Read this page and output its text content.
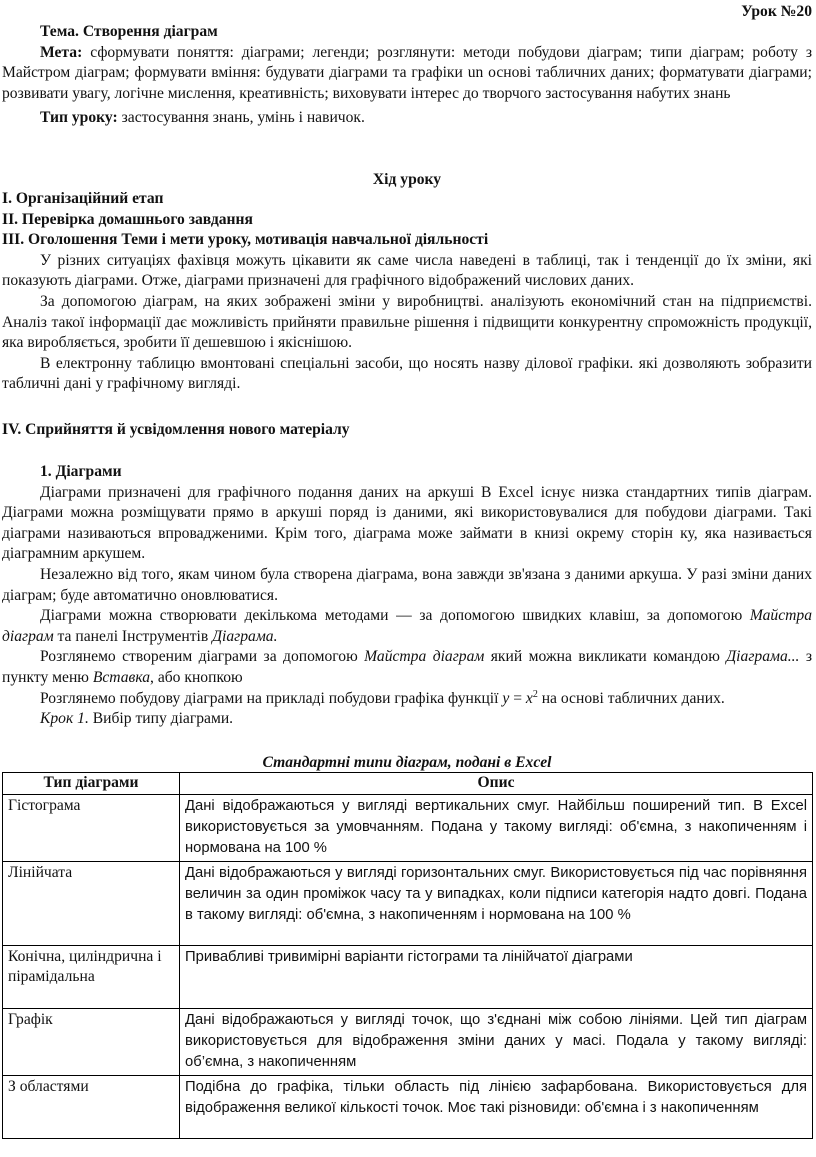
Урок №20

Тема. Створення діаграм

Мета: сформувати поняття: діаграми; легенди; розглянути: методи побудови діаграм; типи діаграм; роботу з Майстром діаграм; формувати вміння: будувати діаграми та графіки un основі табличних даних; форматувати діаграми; розвивати увагу, логічне мислення, креативність; виховувати інтерес до творчого застосування набутих знань

Тип уроку: застосування знань, умінь і навичок.

Хід уроку

І. Організаційний етап

ІІ. Перевірка домашнього завдання

ІІІ. Оголошення Теми і мети уроку, мотивація навчальної діяльності

У різних ситуаціях фахівця можуть цікавити як саме числа наведені в таблиці, так і тенденції до їх зміни, які показують діаграми. Отже, діаграми призначені для графічного відображений числових даних.

За допомогою діаграм, на яких зображені зміни у виробництві. аналізують економічний стан на підприємстві. Аналіз такої інформації дає можливість прийняти правильне рішення і підвищити конкурентну спроможність продукції, яка виробляється, зробити її дешевшою і якіснішою.

В електронну таблицю вмонтовані спеціальні засоби, що носять назву ділової графіки. які дозволяють зобразити табличні дані у графічному вигляді.

IV. Сприйняття й усвідомлення нового матеріалу

1. Діаграми

Діаграми призначені для графічного подання даних на аркуші В Excel існує низка стандартних типів діаграм. Діаграми можна розміщувати прямо в аркуші поряд із даними, які використовувалися для побудови діаграми. Такі діаграми називаються впровадженими. Крім того, діаграма може займати в книзі окрему сторін ку, яка називається діаграмним аркушем.

Незалежно від того, якам чином була створена діаграма, вона завжди зв'язана з даними аркуша. У разі зміни даних діаграм; буде автоматично оновлюватися.

Діаграми можна створювати декількома методами — за допомогою швидких клавіш, за допомогою Майстра діаграм та панелі Інструментів Діаграма.

Розглянемо створеним діаграми за допомогою Майстра діаграм який можна викликати командою Діаграма... з пункту меню Вставка, або кнопкою

Розглянемо побудову діаграми на прикладі побудови графіка функції $y = x^2$ на основі табличних даних.

Крок 1. Вибір типу діаграми.

Стандартні типи діаграм, подані в Excel
Тип діаграми	Опис
Гістограма	Дані відображаються у вигляді вертикальних смуг. Найбільш поширений тип. В Excel використовується за умовчанням. Подана у такому вигляді: об'ємна, з накопиченням і нормована на 100 %
Лінійчата	Дані відображаються у вигляді горизонтальних смуг. Використовується під час порівняння величин за один проміжок часу та у випадках, коли підписи категорія надто довгі. Подана в такому вигляді: об'ємна, з накопиченням і нормована на 100 %
Конічна, циліндрична і пірамідальна	Привабливі тривимірні варіанти гістограми та лінійчатої діаграми
Графік	Дані відображаються у вигляді точок, що з'єднані між собою лініями. Цей тип діаграм використовується для відображення зміни даних у масі. Подала у такому вигляді: об’ємна, з накопиченням
З областями	Подібна до графіка, тільки область під лінією зафарбована. Використовується для відображення великої кількості точок. Моє такі різновиди: об'ємна і з накопиченням
